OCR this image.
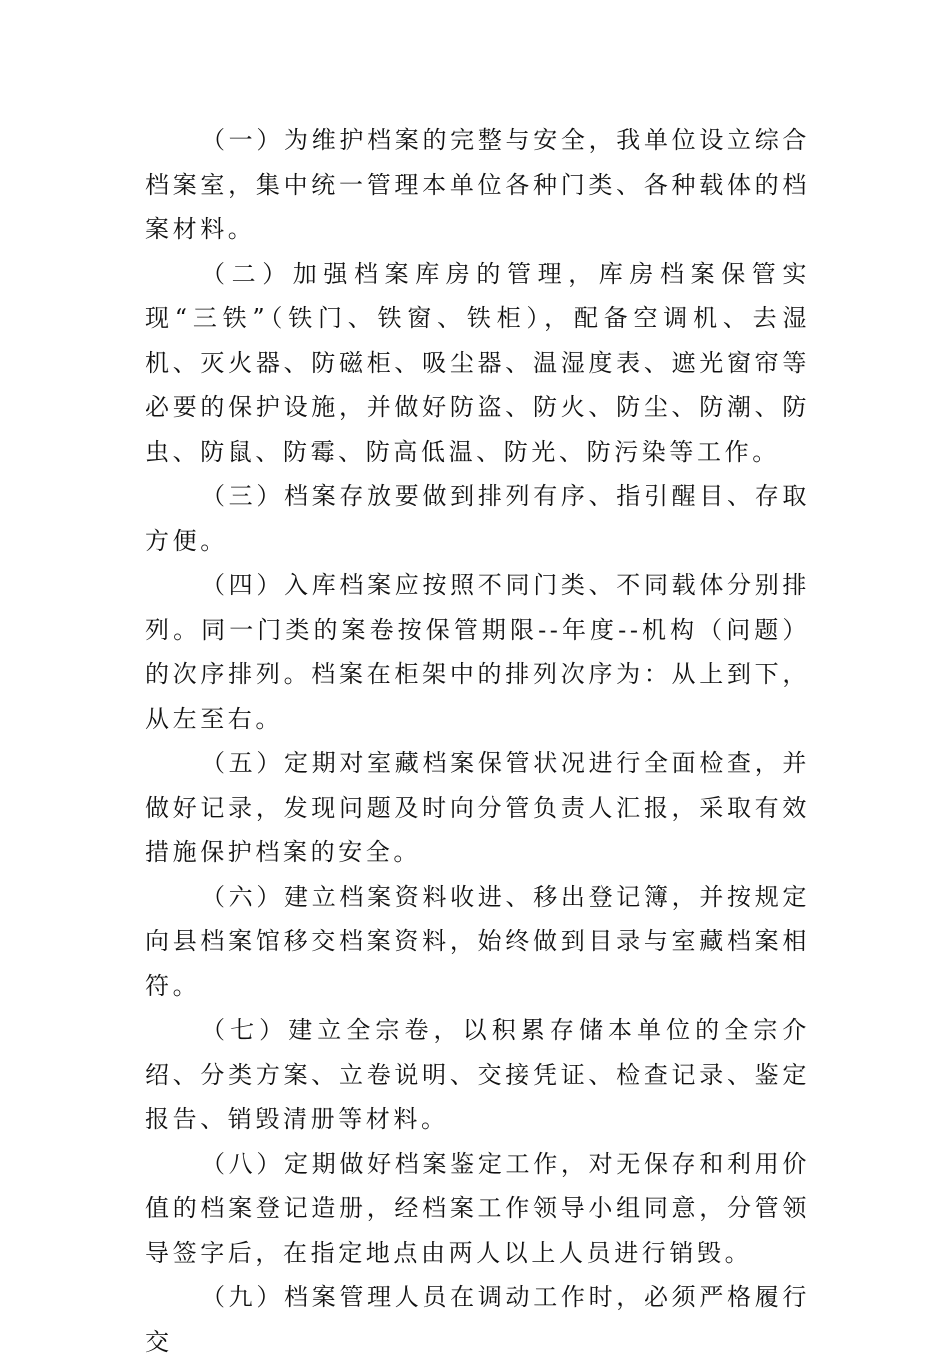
（一）为维护档案的完整与安全，我单位设立综合档案室，集中统一管理本单位各种门类、各种载体的档案材料。

（二）加强档案库房的管理，库房档案保管实现“三铁”（铁门、铁窗、铁柜），配备空调机、去湿机、灭火器、防磁柜、吸尘器、温湿度表、遮光窗帘等必要的保护设施，并做好防盗、防火、防尘、防潮、防虫、防鼠、防霉、防高低温、防光、防污染等工作。

（三）档案存放要做到排列有序、指引醒目、存取方便。

（四）入库档案应按照不同门类、不同载体分别排列。同一门类的案卷按保管期限--年度--机构（问题）的次序排列。档案在柜架中的排列次序为：从上到下，从左至右。

（五）定期对室藏档案保管状况进行全面检查，并做好记录，发现问题及时向分管负责人汇报，采取有效措施保护档案的安全。

（六）建立档案资料收进、移出登记簿，并按规定向县档案馆移交档案资料，始终做到目录与室藏档案相符。

（七）建立全宗卷，以积累存储本单位的全宗介绍、分类方案、立卷说明、交接凭证、检查记录、鉴定报告、销毁清册等材料。

（八）定期做好档案鉴定工作，对无保存和利用价值的档案登记造册，经档案工作领导小组同意，分管领导签字后，在指定地点由两人以上人员进行销毁。

（九）档案管理人员在调动工作时，必须严格履行交
